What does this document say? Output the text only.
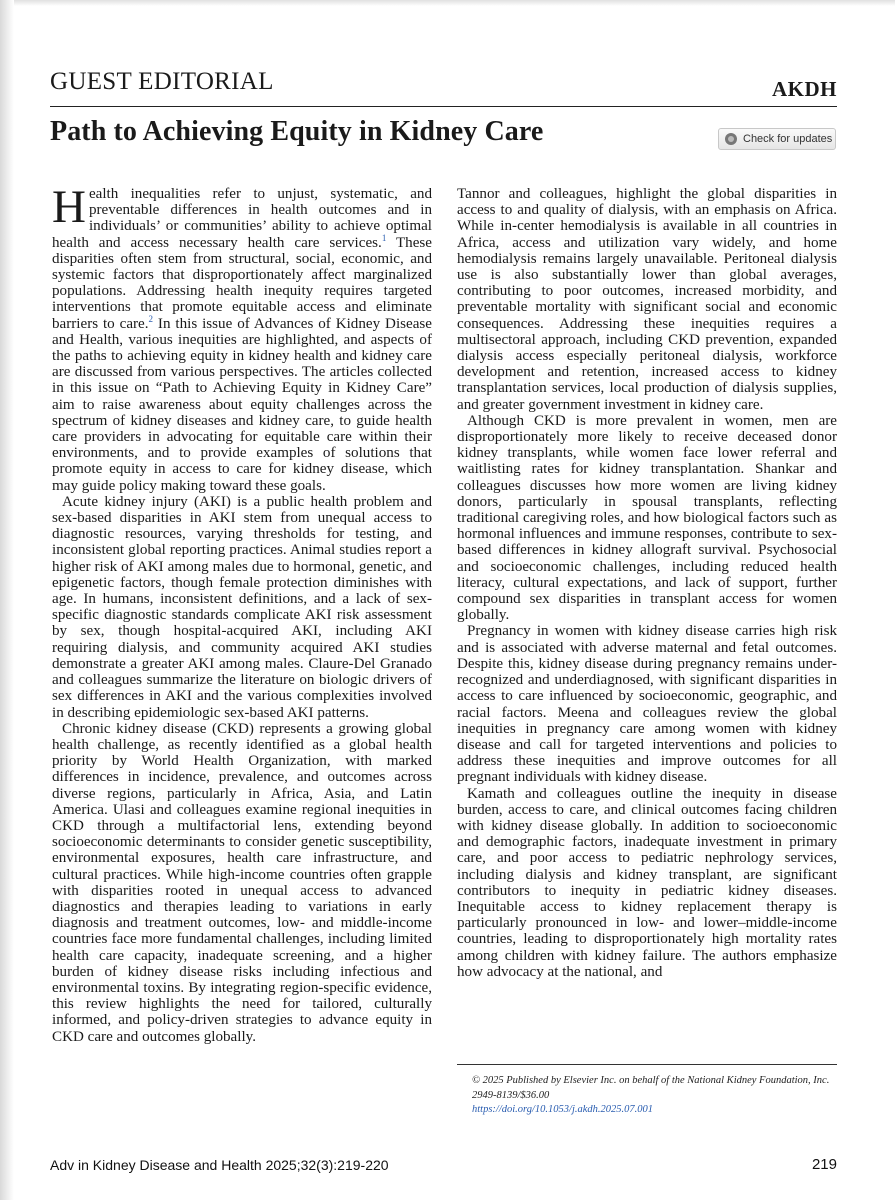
GUEST EDITORIAL	AKDH
Path to Achieving Equity in Kidney Care	Check for updates

Health inequalities refer to unjust, systematic, and preventable differences in health outcomes and in individuals’ or communities’ ability to achieve optimal health and access necessary health care services.$^1$ These disparities often stem from structural, social, economic, and systemic factors that disproportionately affect marginalized populations. Addressing health inequity requires targeted interventions that promote equitable access and eliminate barriers to care.$^2$ In this issue of Advances of Kidney Disease and Health, various inequities are highlighted, and aspects of the paths to achieving equity in kidney health and kidney care are discussed from various perspectives. The articles collected in this issue on “Path to Achieving Equity in Kidney Care” aim to raise awareness about equity challenges across the spectrum of kidney diseases and kidney care, to guide health care providers in advocating for equitable care within their environments, and to provide examples of solutions that promote equity in access to care for kidney disease, which may guide policy making toward these goals.

Acute kidney injury (AKI) is a public health problem and sex-based disparities in AKI stem from unequal access to diagnostic resources, varying thresholds for testing, and inconsistent global reporting practices. Animal studies report a higher risk of AKI among males due to hormonal, genetic, and epigenetic factors, though female protection diminishes with age. In humans, inconsistent definitions, and a lack of sex-specific diagnostic standards complicate AKI risk assessment by sex, though hospital-acquired AKI, including AKI requiring dialysis, and community acquired AKI studies demonstrate a greater AKI among males. Claure-Del Granado and colleagues summarize the literature on biologic drivers of sex differences in AKI and the various complexities involved in describing epidemiologic sex-based AKI patterns.

Chronic kidney disease (CKD) represents a growing global health challenge, as recently identified as a global health priority by World Health Organization, with marked differences in incidence, prevalence, and outcomes across diverse regions, particularly in Africa, Asia, and Latin America. Ulasi and colleagues examine regional inequities in CKD through a multifactorial lens, extending beyond socioeconomic determinants to consider genetic susceptibility, environmental exposures, health care infrastructure, and cultural practices. While high-income countries often grapple with disparities rooted in unequal access to advanced diagnostics and therapies leading to variations in early diagnosis and treatment outcomes, low- and middle-income countries face more fundamental challenges, including limited health care capacity, inadequate screening, and a higher burden of kidney disease risks including infectious and environmental toxins. By integrating region-specific evidence, this review highlights the need for tailored, culturally informed, and policy-driven strategies to advance equity in CKD care and outcomes globally.

Tannor and colleagues, highlight the global disparities in access to and quality of dialysis, with an emphasis on Africa. While in-center hemodialysis is available in all countries in Africa, access and utilization vary widely, and home hemodialysis remains largely unavailable. Peritoneal dialysis use is also substantially lower than global averages, contributing to poor outcomes, increased morbidity, and preventable mortality with significant social and economic consequences. Addressing these inequities requires a multisectoral approach, including CKD prevention, expanded dialysis access especially peritoneal dialysis, workforce development and retention, increased access to kidney transplantation services, local production of dialysis supplies, and greater government investment in kidney care.

Although CKD is more prevalent in women, men are disproportionately more likely to receive deceased donor kidney transplants, while women face lower referral and waitlisting rates for kidney transplantation. Shankar and colleagues discusses how more women are living kidney donors, particularly in spousal transplants, reflecting traditional caregiving roles, and how biological factors such as hormonal influences and immune responses, contribute to sex-based differences in kidney allograft survival. Psychosocial and socioeconomic challenges, including reduced health literacy, cultural expectations, and lack of support, further compound sex disparities in transplant access for women globally.

Pregnancy in women with kidney disease carries high risk and is associated with adverse maternal and fetal outcomes. Despite this, kidney disease during pregnancy remains under-recognized and underdiagnosed, with significant disparities in access to care influenced by socioeconomic, geographic, and racial factors. Meena and colleagues review the global inequities in pregnancy care among women with kidney disease and call for targeted interventions and policies to address these inequities and improve outcomes for all pregnant individuals with kidney disease.

Kamath and colleagues outline the inequity in disease burden, access to care, and clinical outcomes facing children with kidney disease globally. In addition to socioeconomic and demographic factors, inadequate investment in primary care, and poor access to pediatric nephrology services, including dialysis and kidney transplant, are significant contributors to inequity in pediatric kidney diseases. Inequitable access to kidney replacement therapy is particularly pronounced in low- and lower–middle-income countries, leading to disproportionately high mortality rates among children with kidney failure. The authors emphasize how advocacy at the national, and

© 2025 Published by Elsevier Inc. on behalf of the National Kidney Foundation, Inc.
2949-8139/$36.00
https://doi.org/10.1053/j.akdh.2025.07.001
Adv in Kidney Disease and Health 2025;32(3):219-220	219
